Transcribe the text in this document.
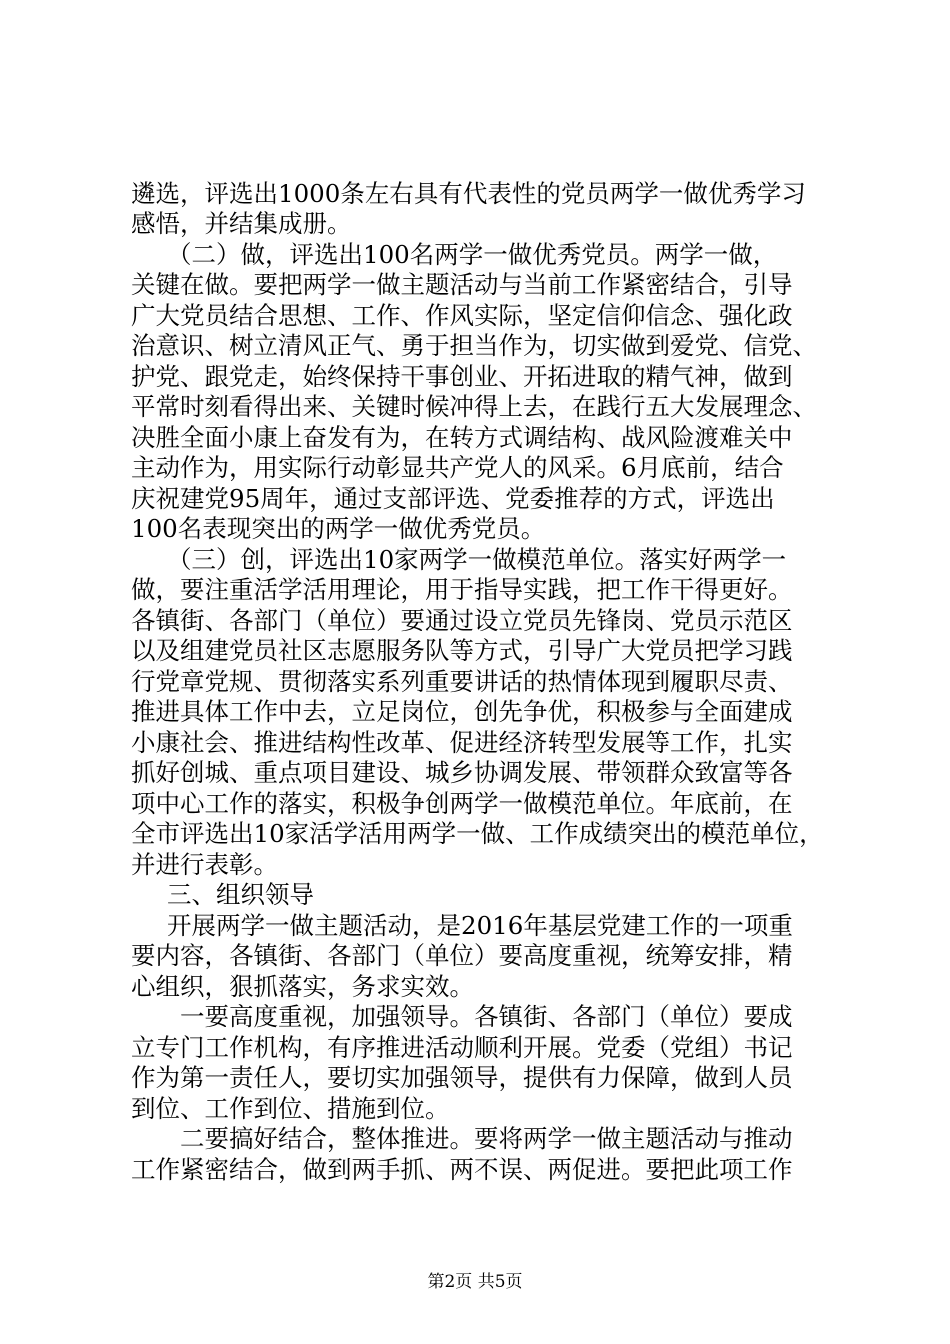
遴选，评选出1000条左右具有代表性的党员两学一做优秀学习
感悟，并结集成册。
（二）做，评选出100名两学一做优秀党员。两学一做，
关键在做。要把两学一做主题活动与当前工作紧密结合，引导
广大党员结合思想、工作、作风实际，坚定信仰信念、强化政
治意识、树立清风正气、勇于担当作为，切实做到爱党、信党、
护党、跟党走，始终保持干事创业、开拓进取的精气神，做到
平常时刻看得出来、关键时候冲得上去，在践行五大发展理念、
决胜全面小康上奋发有为，在转方式调结构、战风险渡难关中
主动作为，用实际行动彰显共产党人的风采。6月底前，结合
庆祝建党95周年，通过支部评选、党委推荐的方式，评选出
100名表现突出的两学一做优秀党员。
（三）创，评选出10家两学一做模范单位。落实好两学一
做，要注重活学活用理论，用于指导实践，把工作干得更好。
各镇街、各部门（单位）要通过设立党员先锋岗、党员示范区
以及组建党员社区志愿服务队等方式，引导广大党员把学习践
行党章党规、贯彻落实系列重要讲话的热情体现到履职尽责、
推进具体工作中去，立足岗位，创先争优，积极参与全面建成
小康社会、推进结构性改革、促进经济转型发展等工作，扎实
抓好创城、重点项目建设、城乡协调发展、带领群众致富等各
项中心工作的落实，积极争创两学一做模范单位。年底前，在
全市评选出10家活学活用两学一做、工作成绩突出的模范单位，
并进行表彰。
三、组织领导
开展两学一做主题活动，是2016年基层党建工作的一项重
要内容，各镇街、各部门（单位）要高度重视，统筹安排，精
心组织，狠抓落实，务求实效。
一要高度重视，加强领导。各镇街、各部门（单位）要成
立专门工作机构，有序推进活动顺利开展。党委（党组）书记
作为第一责任人，要切实加强领导，提供有力保障，做到人员
到位、工作到位、措施到位。
二要搞好结合，整体推进。要将两学一做主题活动与推动
工作紧密结合，做到两手抓、两不误、两促进。要把此项工作
第2页 共5页
